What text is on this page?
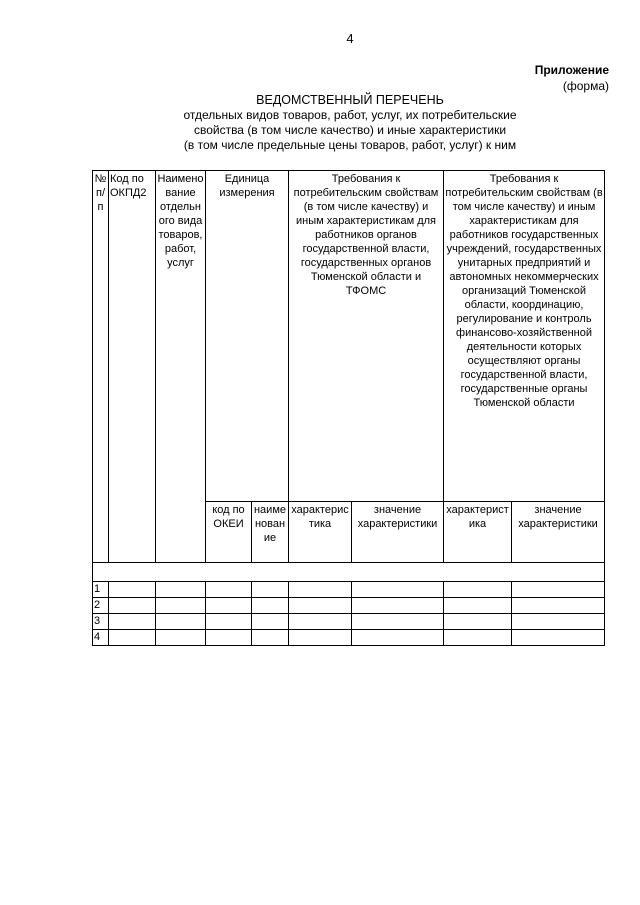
4
Приложение
(форма)
ВЕДОМСТВЕННЫЙ ПЕРЕЧЕНЬ
отдельных видов товаров, работ, услуг, их потребительские
свойства (в том числе качество) и иные характеристики
(в том числе предельные цены товаров, работ, услуг) к ним
№ п/п	Код по ОКПД2	Наименование отдельного вида товаров, работ, услуг	Единица измерения		Требования к потребительским свойствам (в том числе качеству) и иным характеристикам для работников органов государственной власти, государственных органов Тюменской области и ТФОМС		Требования к потребительским свойствам (в том числе качеству) и иным характеристикам для работников государственных учреждений, государственных унитарных предприятий и автономных некоммерческих организаций Тюменской области, координацию, регулирование и контроль финансово-хозяйственной деятельности которых осуществляют органы государственной власти, государственные органы Тюменской области	
			код по ОКЕИ	наименование	характеристика	значение характеристики	характеристика	значение характеристики

1								
2								
3								
4								
